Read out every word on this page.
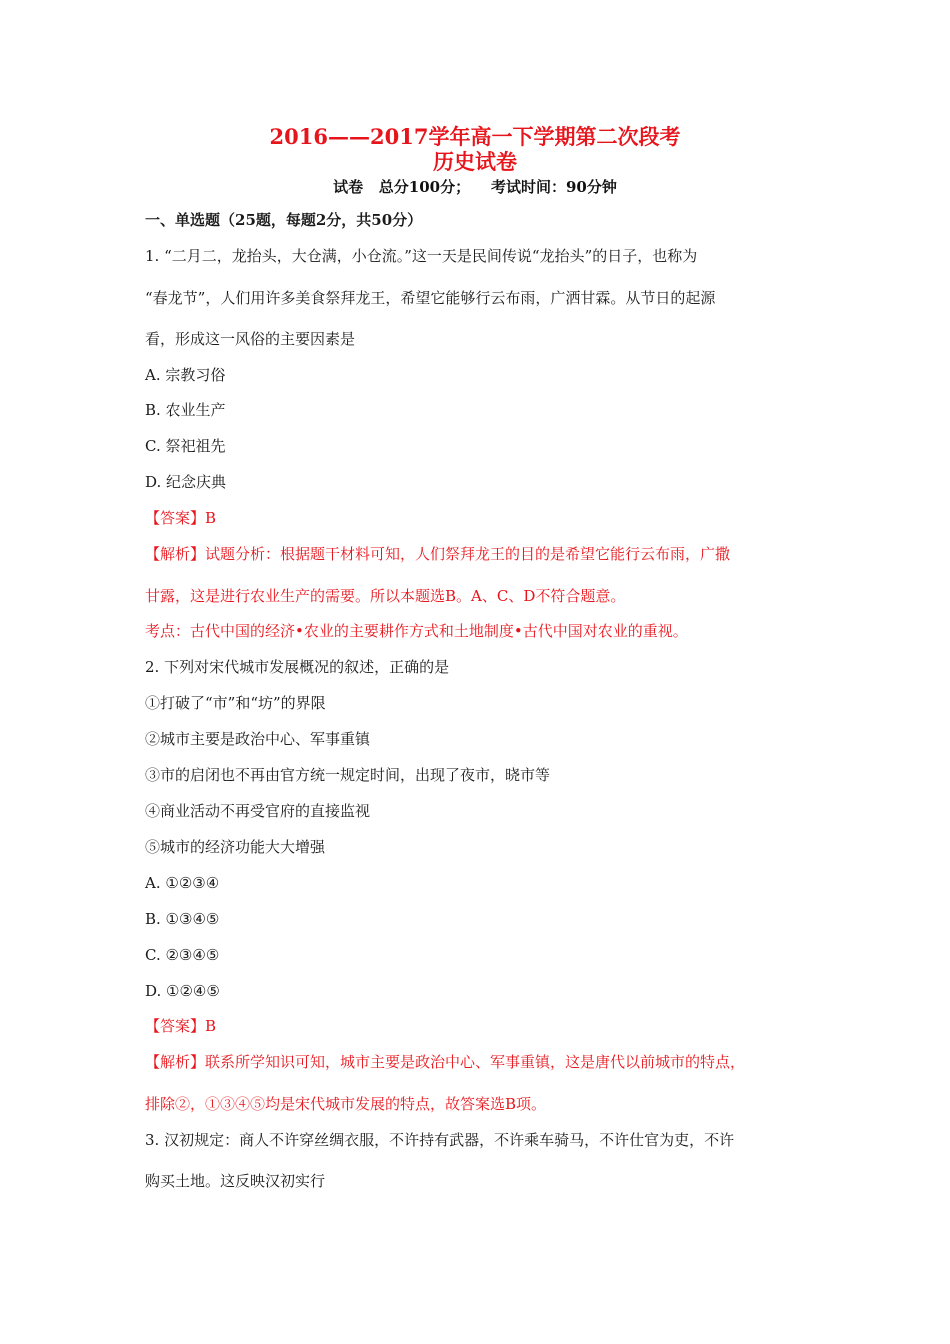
2016——2017学年高一下学期第二次段考
历史试卷
试卷   总分100分；    考试时间：90分钟
一、单选题（25题，每题2分，共50分）
1. “二月二，龙抬头，大仓满，小仓流。”这一天是民间传说“龙抬头”的日子，也称为
“春龙节”，人们用许多美食祭拜龙王，希望它能够行云布雨，广洒甘霖。从节日的起源
看，形成这一风俗的主要因素是
A. 宗教习俗
B. 农业生产
C. 祭祀祖先
D. 纪念庆典
【答案】B
【解析】试题分析：根据题干材料可知，人们祭拜龙王的目的是希望它能行云布雨，广撒
甘露，这是进行农业生产的需要。所以本题选B。A、C、D不符合题意。
考点：古代中国的经济•农业的主要耕作方式和土地制度•古代中国对农业的重视。
2. 下列对宋代城市发展概况的叙述，正确的是
①打破了“市”和“坊”的界限
②城市主要是政治中心、军事重镇
③市的启闭也不再由官方统一规定时间，出现了夜市，晓市等
④商业活动不再受官府的直接监视
⑤城市的经济功能大大增强
A. ①②③④
B. ①③④⑤
C. ②③④⑤
D. ①②④⑤
【答案】B
【解析】联系所学知识可知，城市主要是政治中心、军事重镇，这是唐代以前城市的特点，
排除②，①③④⑤均是宋代城市发展的特点，故答案选B项。
3. 汉初规定：商人不许穿丝绸衣服，不许持有武器，不许乘车骑马，不许仕官为吏，不许
购买土地。这反映汉初实行
